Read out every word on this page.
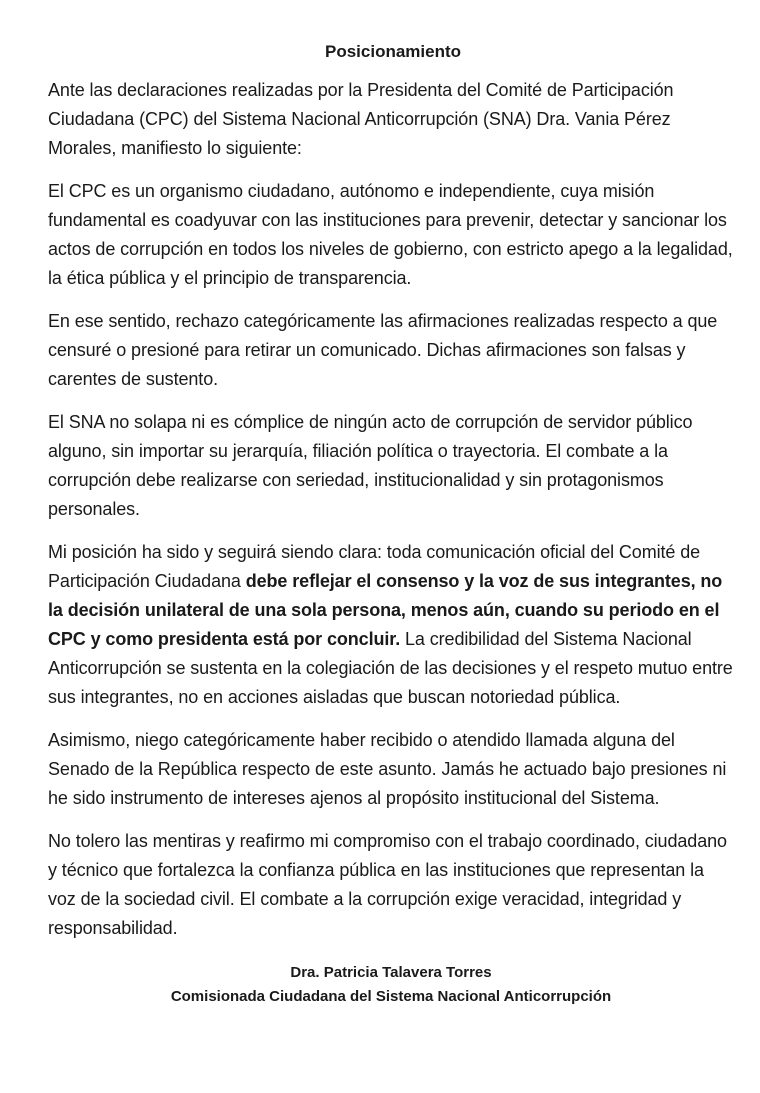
Posicionamiento

Ante las declaraciones realizadas por la Presidenta del Comité de Participación Ciudadana (CPC) del Sistema Nacional Anticorrupción (SNA) Dra. Vania Pérez Morales, manifiesto lo siguiente:

El CPC es un organismo ciudadano, autónomo e independiente, cuya misión fundamental es coadyuvar con las instituciones para prevenir, detectar y sancionar los actos de corrupción en todos los niveles de gobierno, con estricto apego a la legalidad, la ética pública y el principio de transparencia.

En ese sentido, rechazo categóricamente las afirmaciones realizadas respecto a que censuré o presioné para retirar un comunicado. Dichas afirmaciones son falsas y carentes de sustento.

El SNA no solapa ni es cómplice de ningún acto de corrupción de servidor público alguno, sin importar su jerarquía, filiación política o trayectoria. El combate a la corrupción debe realizarse con seriedad, institucionalidad y sin protagonismos personales.

Mi posición ha sido y seguirá siendo clara: toda comunicación oficial del Comité de Participación Ciudadana debe reflejar el consenso y la voz de sus integrantes, no la decisión unilateral de una sola persona, menos aún, cuando su periodo en el CPC y como presidenta está por concluir. La credibilidad del Sistema Nacional Anticorrupción se sustenta en la colegiación de las decisiones y el respeto mutuo entre sus integrantes, no en acciones aisladas que buscan notoriedad pública.

Asimismo, niego categóricamente haber recibido o atendido llamada alguna del Senado de la República respecto de este asunto. Jamás he actuado bajo presiones ni he sido instrumento de intereses ajenos al propósito institucional del Sistema.

No tolero las mentiras y reafirmo mi compromiso con el trabajo coordinado, ciudadano y técnico que fortalezca la confianza pública en las instituciones que representan la voz de la sociedad civil. El combate a la corrupción exige veracidad, integridad y responsabilidad.

Dra. Patricia Talavera Torres
Comisionada Ciudadana del Sistema Nacional Anticorrupción
